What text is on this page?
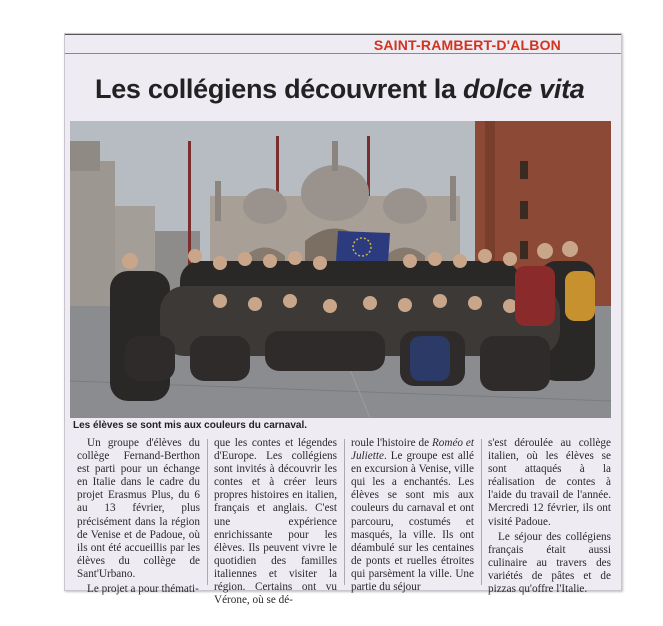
SAINT-RAMBERT-D'ALBON
Les collégiens découvrent la dolce vita
Les élèves se sont mis aux couleurs du carnaval.

Un groupe d'élèves du collège Fernand-Berthon est parti pour un échange en Italie dans le cadre du projet Erasmus Plus, du 6 au 13 février, plus précisément dans la région de Venise et de Padoue, où ils ont été accueillis par les élèves du collège de Sant'Urbano.

Le projet a pour thémati-

que les contes et légendes d'Europe. Les collégiens sont invités à découvrir les contes et à créer leurs propres histoires en italien, français et anglais. C'est une expérience enrichissante pour les élèves. Ils peuvent vivre le quotidien des familles italiennes et visiter la région. Certains ont vu Vérone, où se dé-

roule l'histoire de Roméo et Juliette. Le groupe est allé en excursion à Venise, ville qui les a enchantés. Les élèves se sont mis aux couleurs du carnaval et ont parcouru, costumés et masqués, la ville. Ils ont déambulé sur les centaines de ponts et ruelles étroites qui parsèment la ville. Une partie du séjour

s'est déroulée au collège italien, où les élèves se sont attaqués à la réalisation de contes à l'aide du travail de l'année. Mercredi 12 février, ils ont visité Padoue.

Le séjour des collégiens français était aussi culinaire au travers des variétés de pâtes et de pizzas qu'offre l'Italie.
